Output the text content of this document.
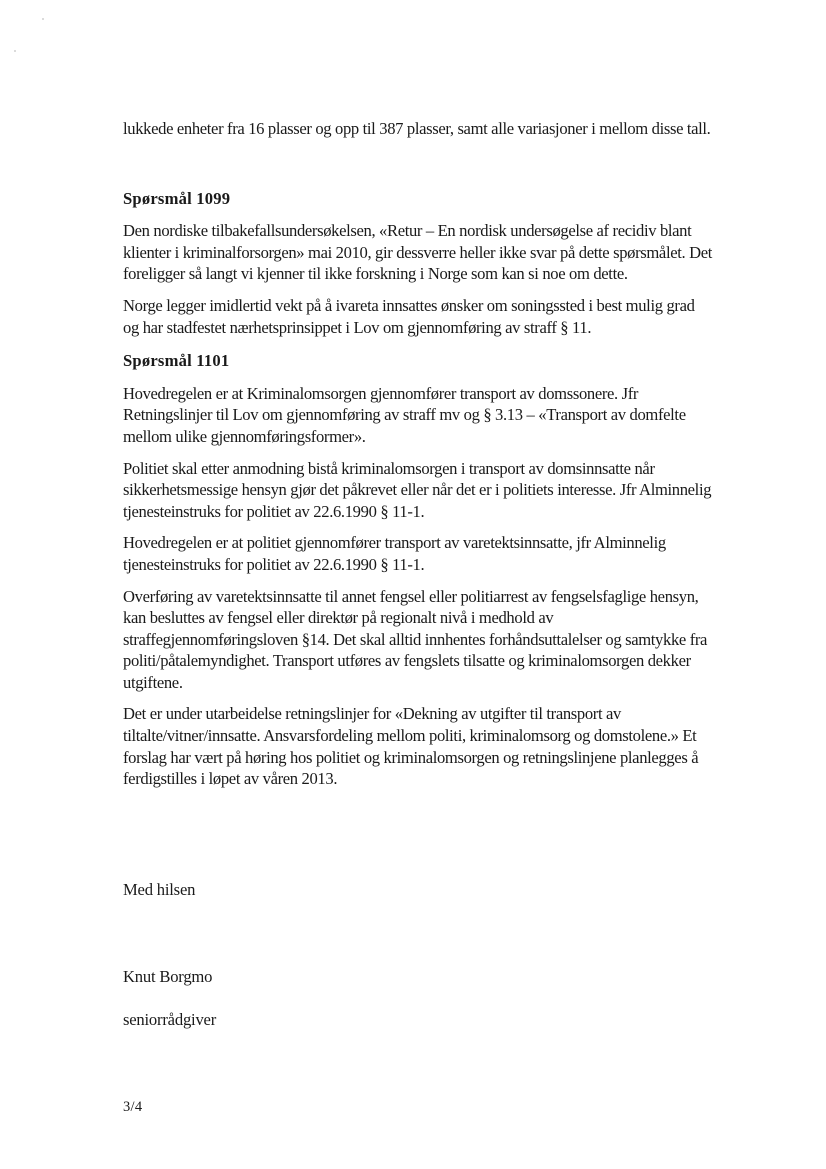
lukkede enheter fra 16 plasser og opp til 387 plasser, samt alle variasjoner i mellom disse tall.

Spørsmål 1099

Den nordiske tilbakefallsundersøkelsen, «Retur – En nordisk undersøgelse af recidiv blant klienter i kriminalforsorgen» mai 2010, gir dessverre heller ikke svar på dette spørsmålet. Det foreligger så langt vi kjenner til ikke forskning i Norge som kan si noe om dette.

Norge legger imidlertid vekt på å ivareta innsattes ønsker om soningssted i best mulig grad og har stadfestet nærhetsprinsippet i Lov om gjennomføring av straff § 11.

Spørsmål 1101

Hovedregelen er at Kriminalomsorgen gjennomfører transport av domssonere. Jfr Retningslinjer til Lov om gjennomføring av straff mv og § 3.13 – «Transport av domfelte mellom ulike gjennomføringsformer».

Politiet skal etter anmodning bistå kriminalomsorgen i transport av domsinnsatte når sikkerhetsmessige hensyn gjør det påkrevet eller når det er i politiets interesse. Jfr Alminnelig tjenesteinstruks for politiet av 22.6.1990 § 11-1.

Hovedregelen er at politiet gjennomfører transport av varetektsinnsatte, jfr Alminnelig tjenesteinstruks for politiet av 22.6.1990 § 11-1.

Overføring av varetektsinnsatte til annet fengsel eller politiarrest av fengselsfaglige hensyn, kan besluttes av fengsel eller direktør på regionalt nivå i medhold av straffegjennomføringsloven §14. Det skal alltid innhentes forhåndsuttalelser og samtykke fra politi/påtalemyndighet. Transport utføres av fengslets tilsatte og kriminalomsorgen dekker utgiftene.

Det er under utarbeidelse retningslinjer for «Dekning av utgifter til transport av tiltalte/vitner/innsatte. Ansvarsfordeling mellom politi, kriminalomsorg og domstolene.» Et forslag har vært på høring hos politiet og kriminalomsorgen og retningslinjene planlegges å ferdigstilles i løpet av våren 2013.

Med hilsen

Knut Borgmo

seniorrådgiver

3/4
